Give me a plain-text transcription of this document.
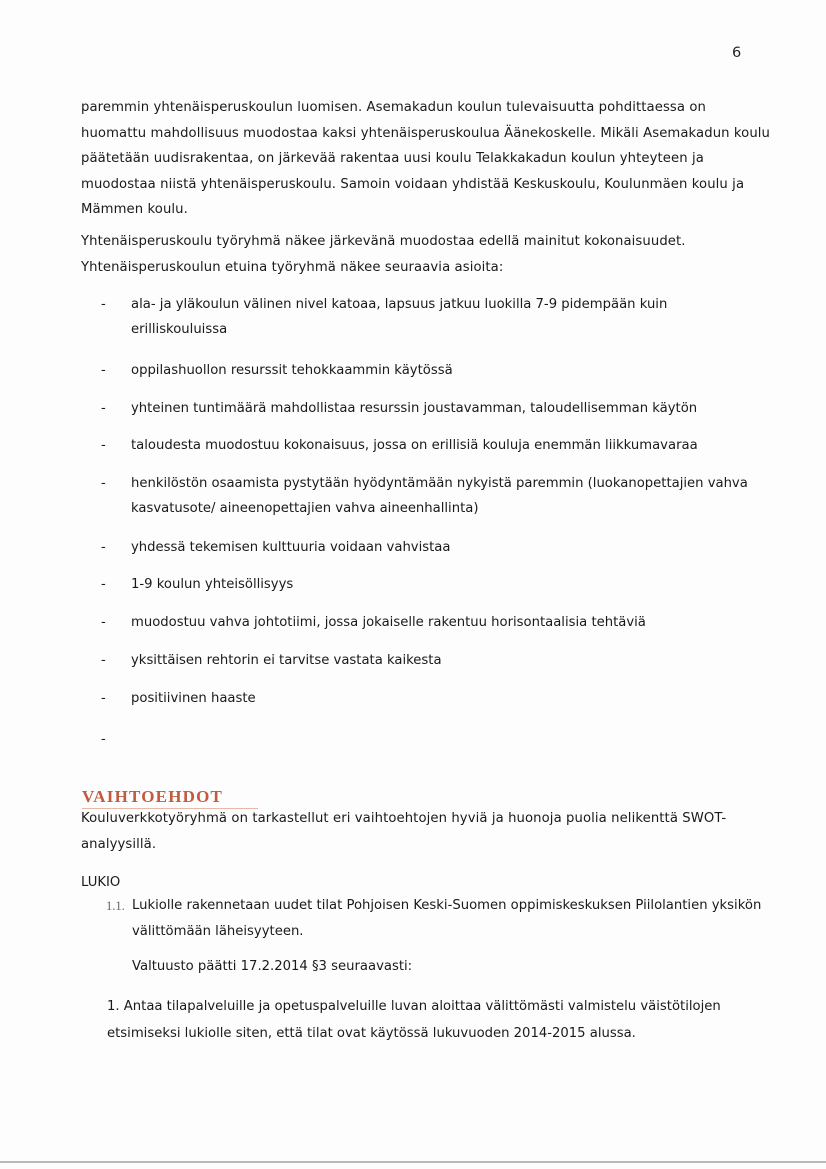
6

paremmin yhtenäisperuskoulun luomisen. Asemakadun koulun tulevaisuutta pohdittaessa on huomattu mahdollisuus muodostaa kaksi yhtenäisperuskoulua Äänekoskelle. Mikäli Asemakadun koulu päätetään uudisrakentaa, on järkevää rakentaa uusi koulu Telakkakadun koulun yhteyteen ja muodostaa niistä yhtenäisperuskoulu. Samoin voidaan yhdistää Keskuskoulu, Koulunmäen koulu ja Mämmen koulu.

Yhtenäisperuskoulu työryhmä näkee järkevänä muodostaa edellä mainitut kokonaisuudet. Yhtenäisperuskoulun etuina työryhmä näkee seuraavia asioita:

- ala- ja yläkoulun välinen nivel katoaa, lapsuus jatkuu luokilla 7-9 pidempään kuin erilliskouluissa
- oppilashuollon resurssit tehokkaammin käytössä
- yhteinen tuntimäärä mahdollistaa resurssin joustavamman, taloudellisemman käytön
- taloudesta muodostuu kokonaisuus, jossa on erillisiä kouluja enemmän liikkumavaraa
- henkilöstön osaamista pystytään hyödyntämään nykyistä paremmin (luokanopettajien vahva kasvatusote/ aineenopettajien vahva aineenhallinta)
- yhdessä tekemisen kulttuuria voidaan vahvistaa
- 1-9 koulun yhteisöllisyys
- muodostuu vahva johtotiimi, jossa jokaiselle rakentuu horisontaalisia tehtäviä
- yksittäisen rehtorin ei tarvitse vastata kaikesta
- positiivinen haaste
-
VAIHTOEHDOT

Kouluverkkotyöryhmä on tarkastellut eri vaihtoehtojen hyviä ja huonoja puolia nelikenttä SWOT-analyysillä.

LUKIO

1.1. Lukiolle rakennetaan uudet tilat Pohjoisen Keski-Suomen oppimiskeskuksen Piilolantien yksikön välittömään läheisyyteen.

Valtuusto päätti 17.2.2014 §3 seuraavasti:

1. Antaa tilapalveluille ja opetuspalveluille luvan aloittaa välittömästi valmistelu väistötilojen etsimiseksi lukiolle siten, että tilat ovat käytössä lukuvuoden 2014-2015 alussa.
